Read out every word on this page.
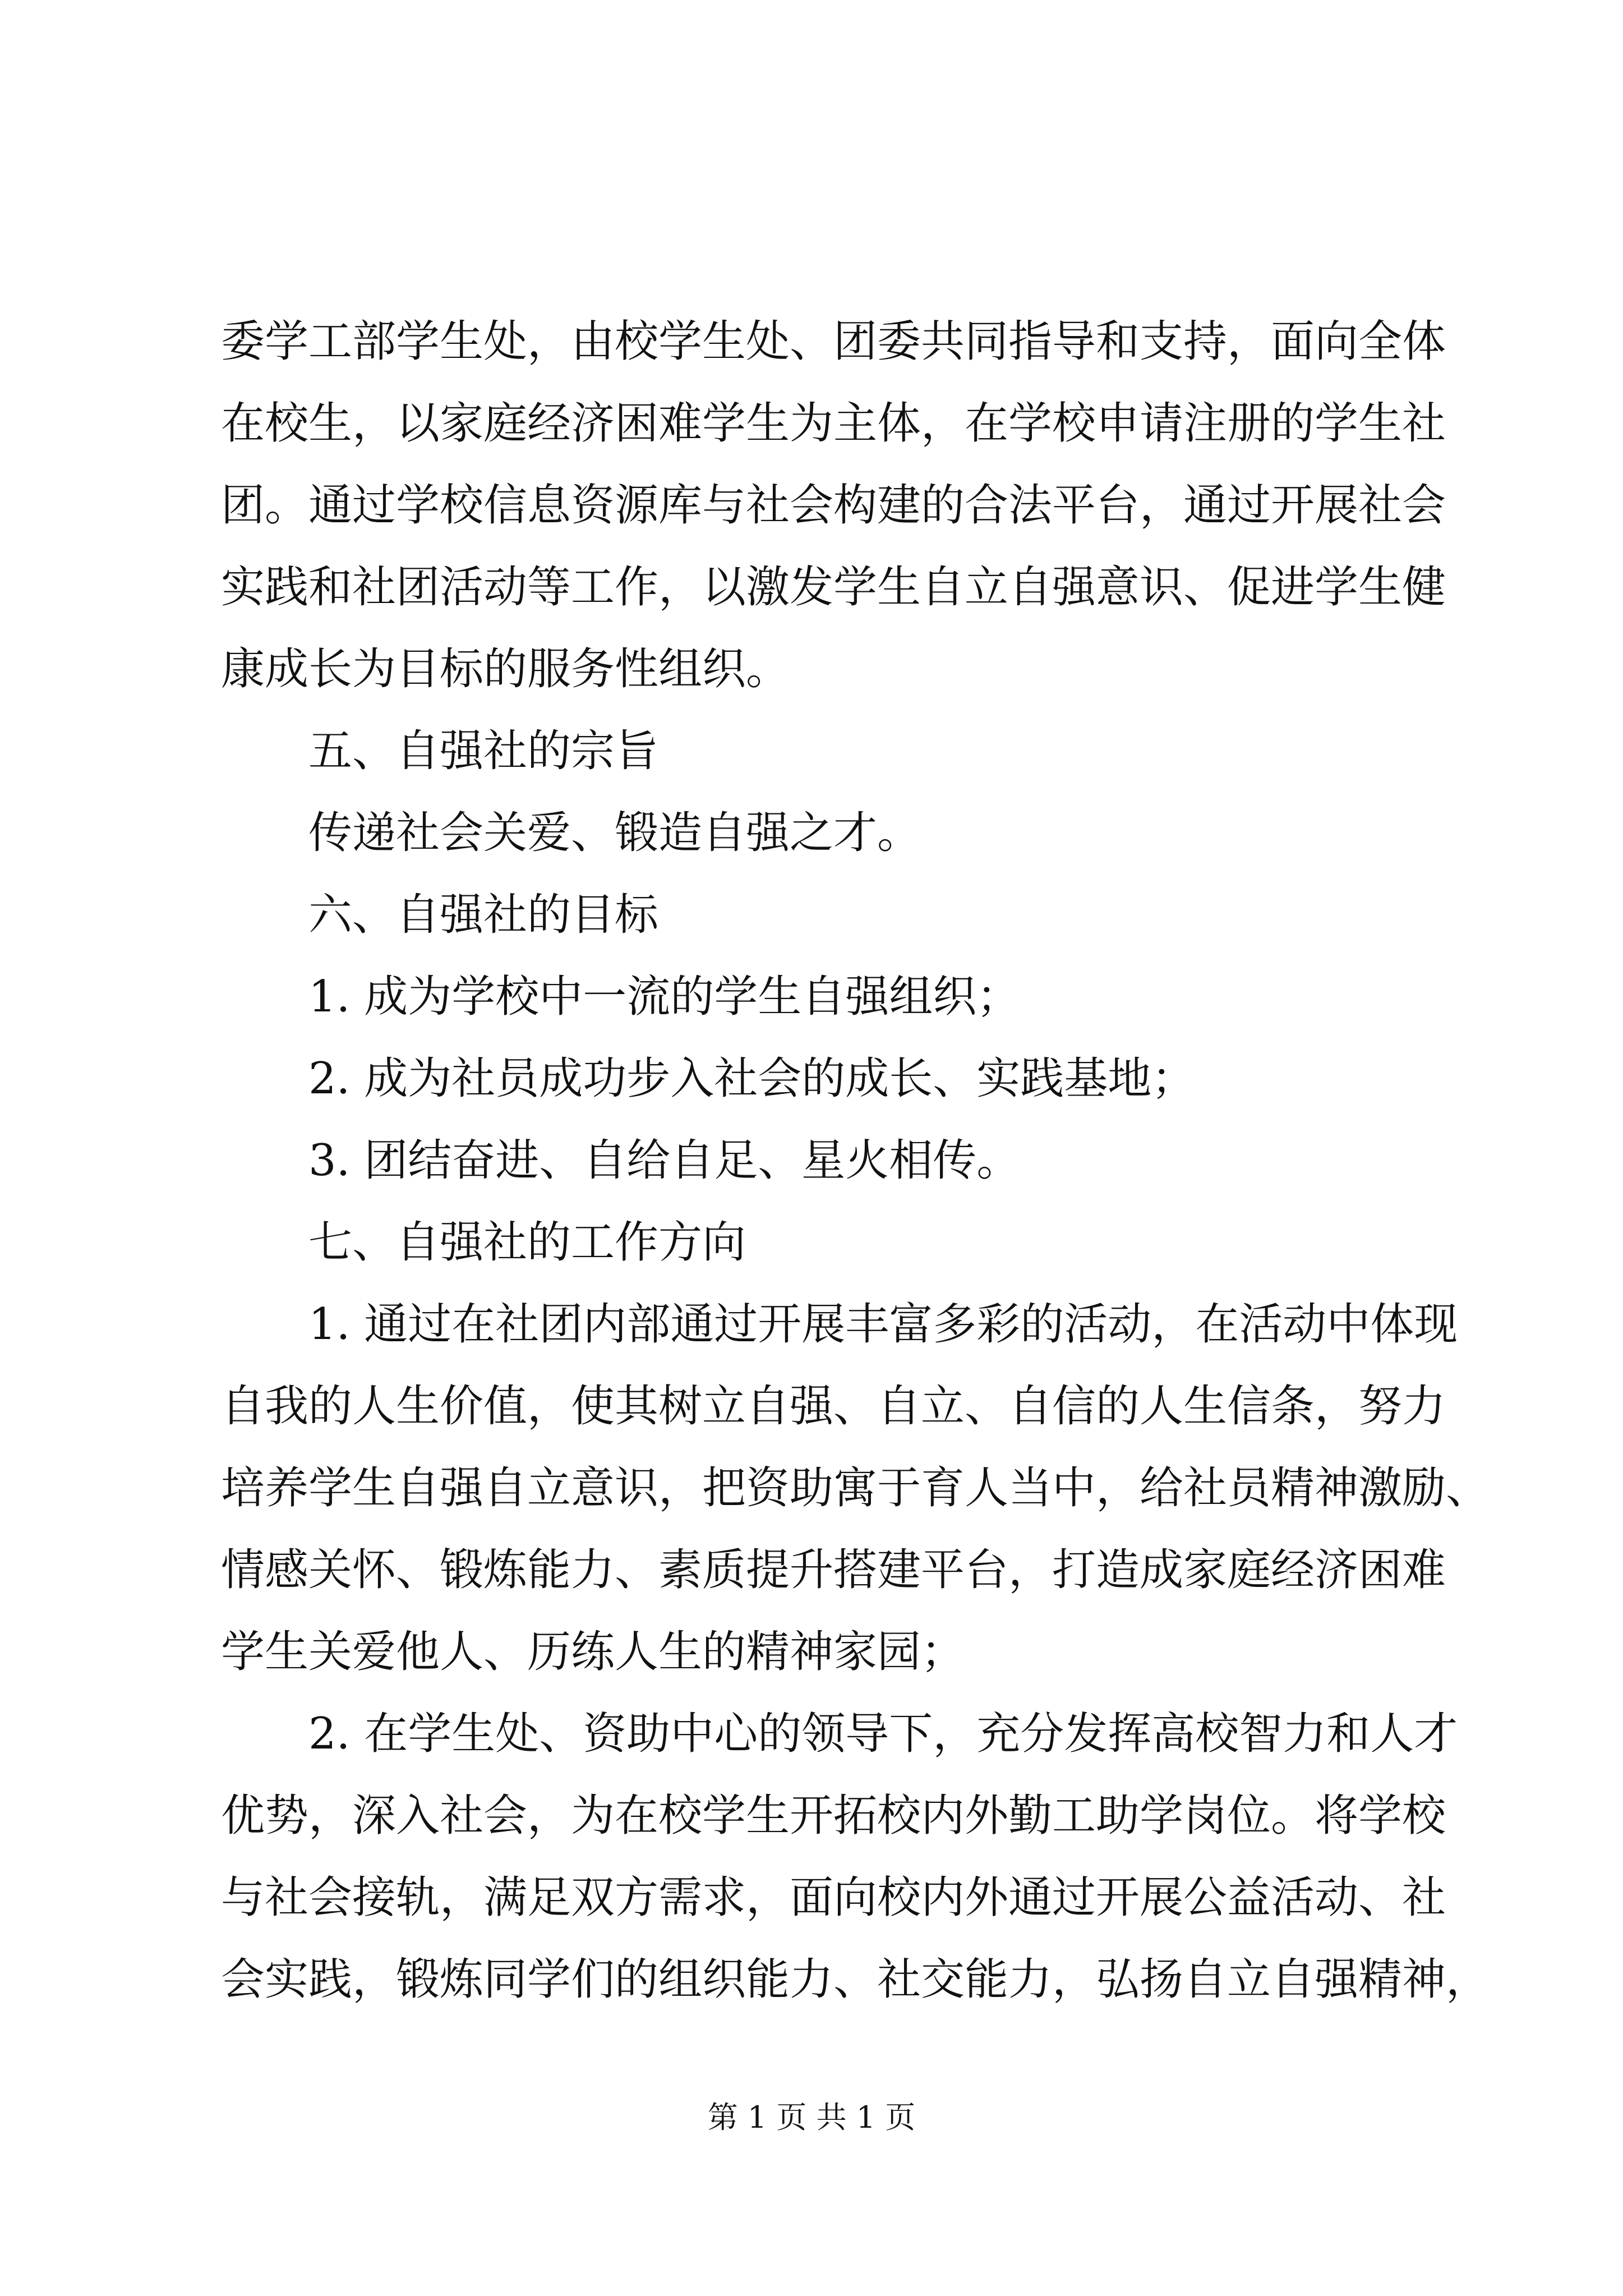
委学工部学生处，由校学生处、团委共同指导和支持，面向全体
在校生，以家庭经济困难学生为主体，在学校申请注册的学生社
团。通过学校信息资源库与社会构建的合法平台，通过开展社会
实践和社团活动等工作，以激发学生自立自强意识、促进学生健
康成长为目标的服务性组织。
五、自强社的宗旨
传递社会关爱、锻造自强之才。
六、自强社的目标
1. 成为学校中一流的学生自强组织；
2. 成为社员成功步入社会的成长、实践基地；
3. 团结奋进、自给自足、星火相传。
七、自强社的工作方向
1. 通过在社团内部通过开展丰富多彩的活动，在活动中体现
自我的人生价值，使其树立自强、自立、自信的人生信条，努力
培养学生自强自立意识，把资助寓于育人当中，给社员精神激励、
情感关怀、锻炼能力、素质提升搭建平台，打造成家庭经济困难
学生关爱他人、历练人生的精神家园；
2. 在学生处、资助中心的领导下，充分发挥高校智力和人才
优势，深入社会，为在校学生开拓校内外勤工助学岗位。将学校
与社会接轨，满足双方需求，面向校内外通过开展公益活动、社
会实践，锻炼同学们的组织能力、社交能力，弘扬自立自强精神，
第 1 页 共 1 页
